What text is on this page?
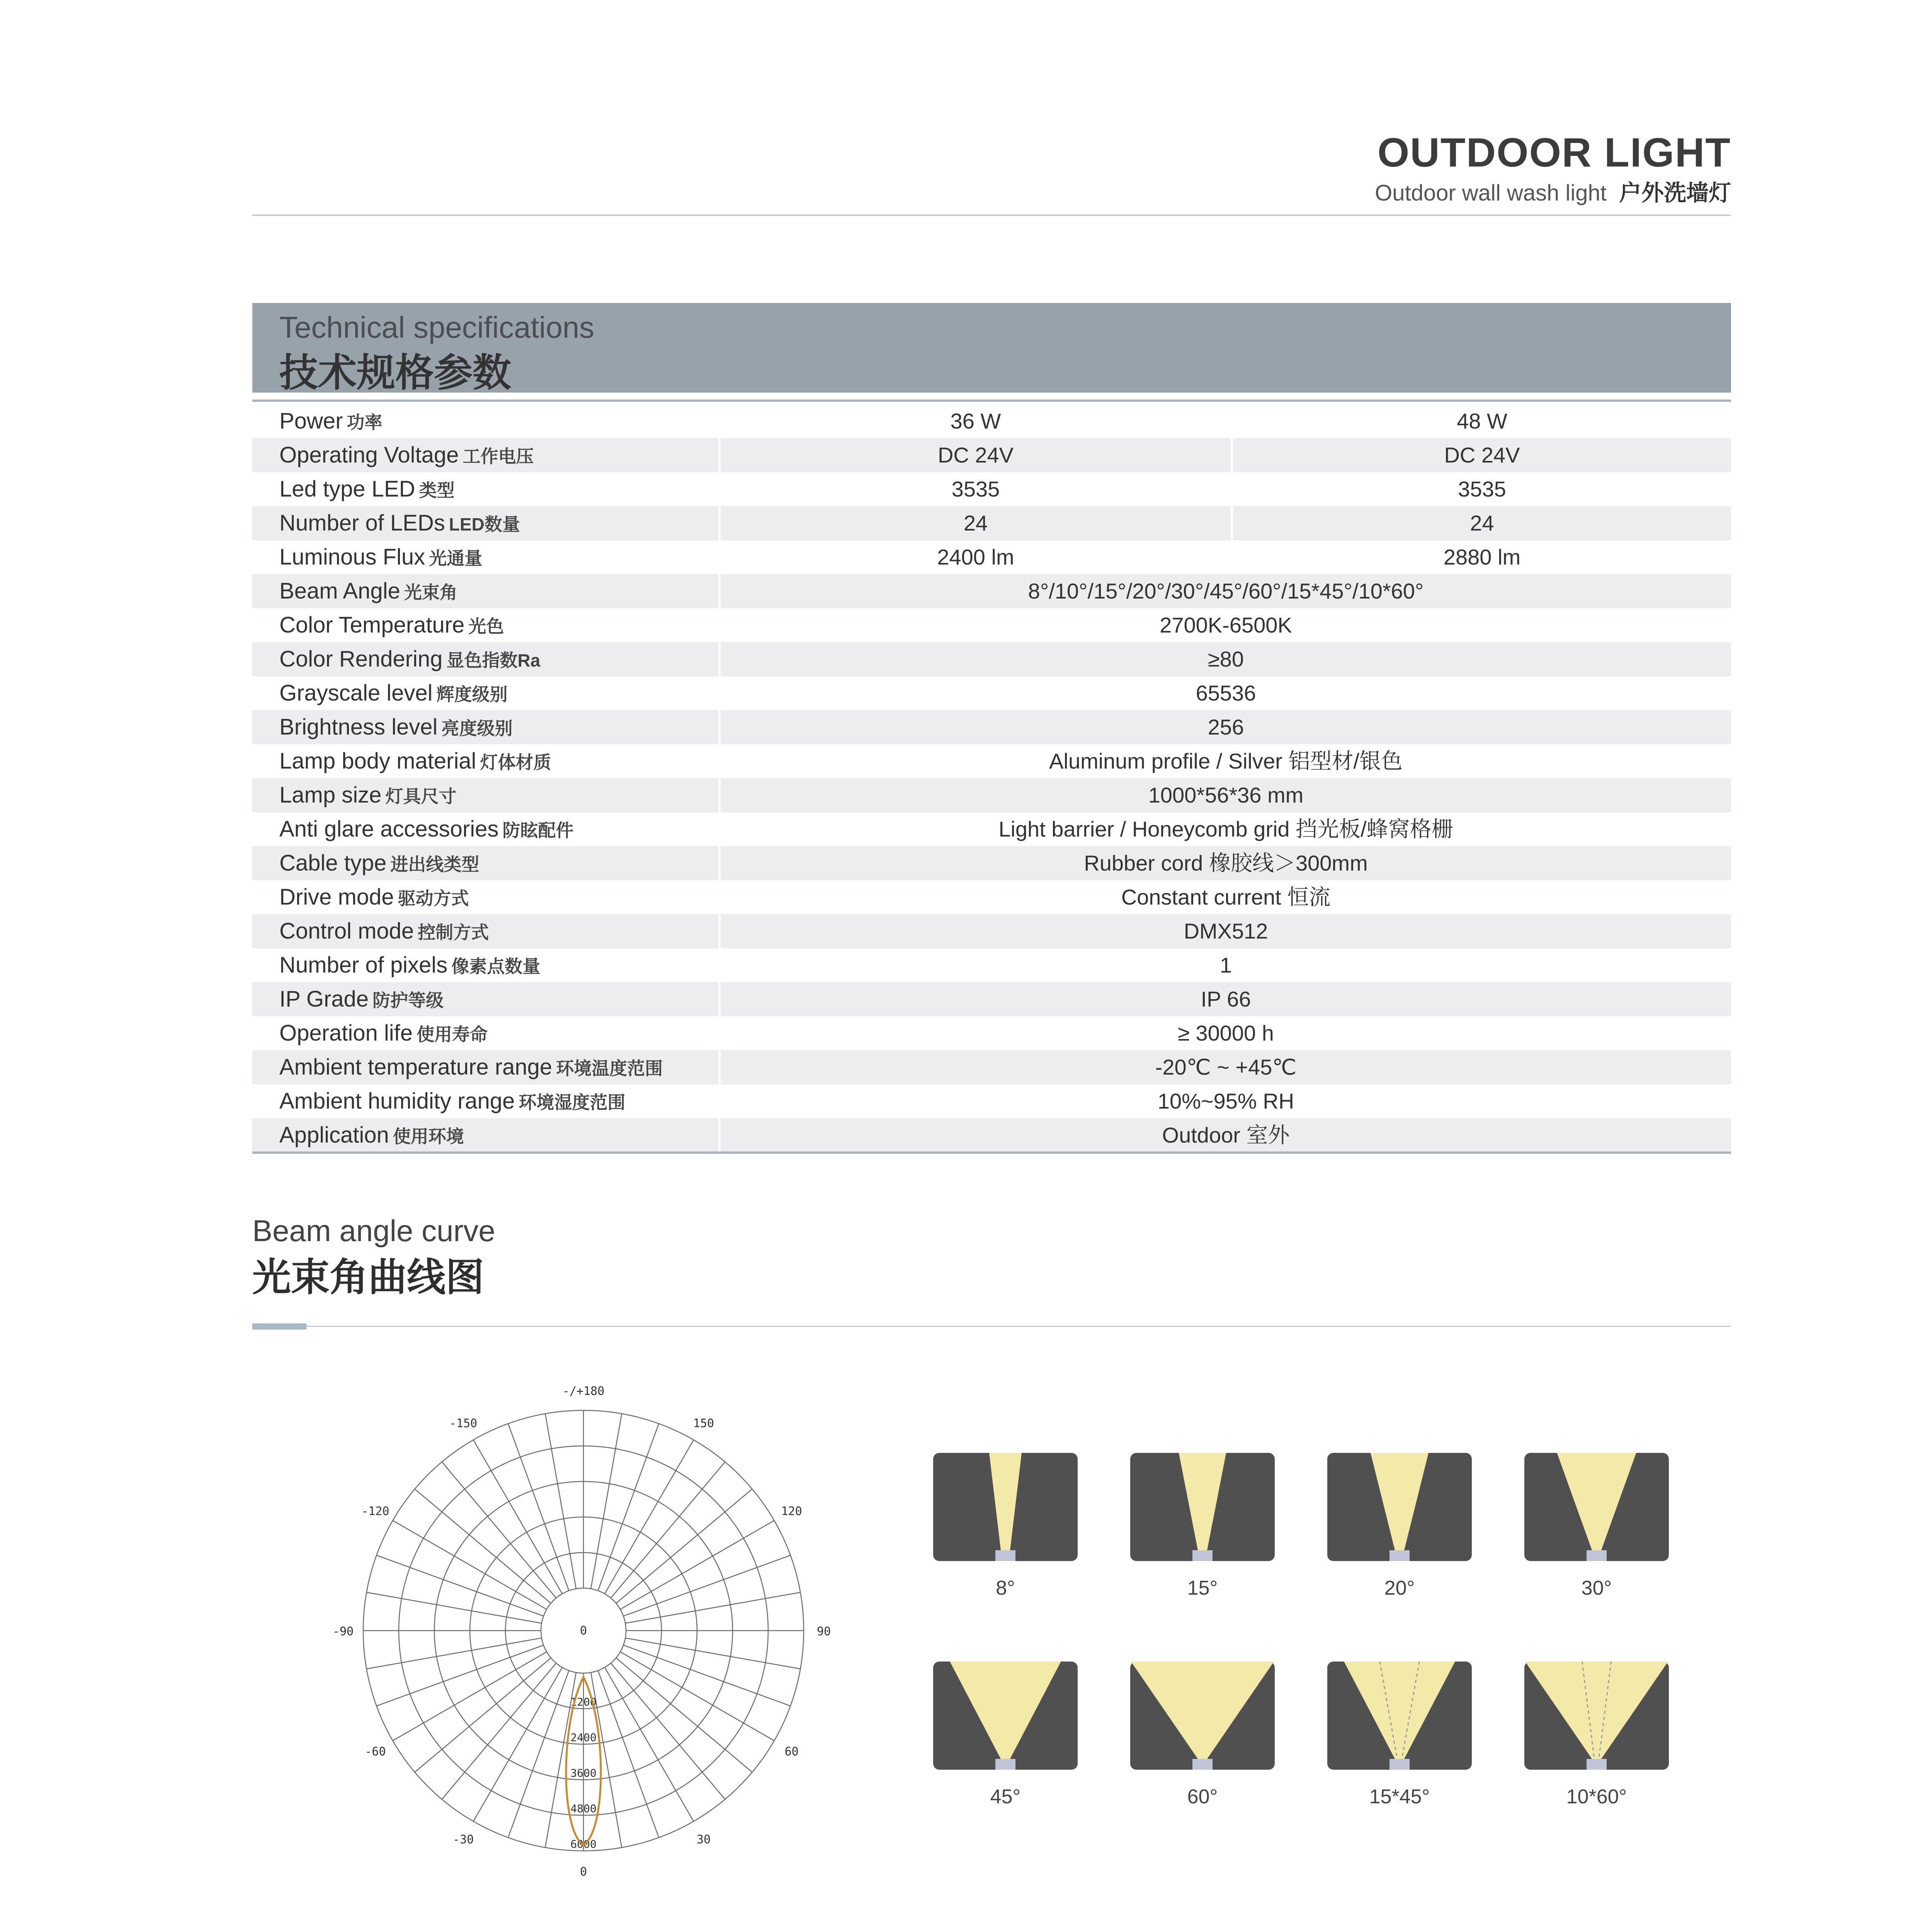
OUTDOOR LIGHT
Outdoor wall wash light 户外洗墙灯
Technical specifications
技术规格参数
Power 功率	36 W	48 W
Operating Voltage 工作电压	DC 24V	DC 24V
Led type LED 类型	3535	3535
Number of LEDs LED数量	24	24
Luminous Flux 光通量	2400 lm	2880 lm
Beam Angle 光束角	8°/10°/15°/20°/30°/45°/60°/15*45°/10*60°
Color Temperature 光色	2700K-6500K
Color Rendering 显色指数Ra	≥80
Grayscale level 辉度级别	65536
Brightness level 亮度级别	256
Lamp body material 灯体材质	Aluminum profile / Silver 铝型材/银色
Lamp size 灯具尺寸	1000*56*36 mm
Anti glare accessories 防眩配件	Light barrier / Honeycomb grid 挡光板/蜂窝格栅
Cable type 进出线类型	Rubber cord 橡胶线＞300mm
Drive mode 驱动方式	Constant current 恒流
Control mode 控制方式	DMX512
Number of pixels 像素点数量	1
IP Grade 防护等级	IP 66
Operation life 使用寿命	≥ 30000 h
Ambient temperature range 环境温度范围	-20℃ ~ +45℃
Ambient humidity range 环境湿度范围	10%~95% RH
Application 使用环境	Outdoor 室外
Beam angle curve
光束角曲线图
-/+180
-150	150
-120	120
-90	90
-60	60
-30	30
0
0
1200
2400
3600
4800
6000
8°	15°	20°	30°
45°	60°	15*45°	10*60°
